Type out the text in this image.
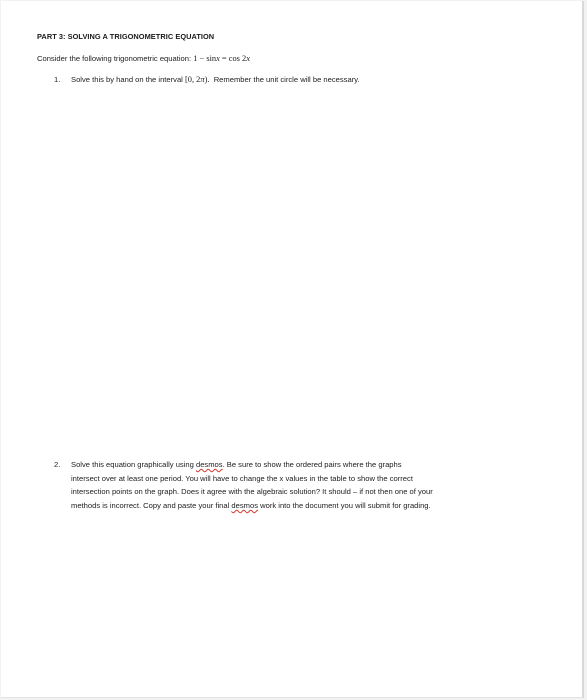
PART 3: SOLVING A TRIGONOMETRIC EQUATION
Consider the following trigonometric equation: 1 − sinx = cos 2x
1. Solve this by hand on the interval [0, 2π). Remember the unit circle will be necessary.
2. Solve this equation graphically using desmos. Be sure to show the ordered pairs where the graphs
intersect over at least one period. You will have to change the x values in the table to show the correct
intersection points on the graph. Does it agree with the algebraic solution? It should – if not then one of your
methods is incorrect. Copy and paste your final desmos work into the document you will submit for grading.
